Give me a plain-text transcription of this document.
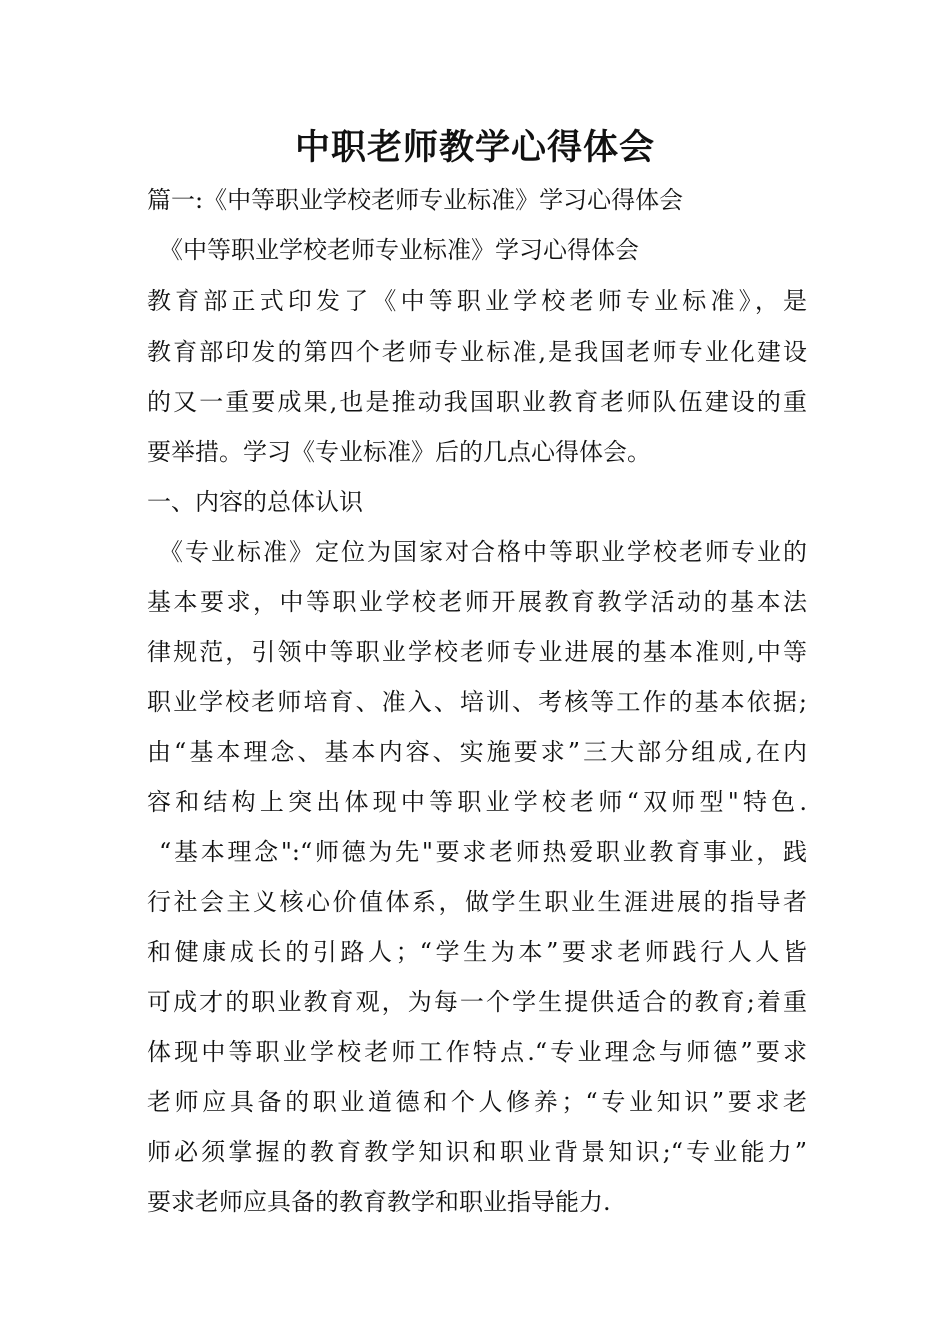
中职老师教学心得体会

篇一:《中等职业学校老师专业标准》学习心得体会

《中等职业学校老师专业标准》学习心得体会

教育部正式印发了《中等职业学校老师专业标准》，是

教育部印发的第四个老师专业标准,是我国老师专业化建设

的又一重要成果,也是推动我国职业教育老师队伍建设的重

要举措。学习《专业标准》后的几点心得体会。

一、内容的总体认识

《专业标准》定位为国家对合格中等职业学校老师专业的

基本要求，中等职业学校老师开展教育教学活动的基本法

律规范，引领中等职业学校老师专业进展的基本准则,中等

职业学校老师培育、准入、培训、考核等工作的基本依据;

由“基本理念、基本内容、实施要求”三大部分组成,在内

容和结构上突出体现中等职业学校老师“双师型"特色.

“基本理念":“师德为先"要求老师热爱职业教育事业，践

行社会主义核心价值体系，做学生职业生涯进展的指导者

和健康成长的引路人；“学生为本”要求老师践行人人皆

可成才的职业教育观，为每一个学生提供适合的教育;着重

体现中等职业学校老师工作特点.“专业理念与师德”要求

老师应具备的职业道德和个人修养；“专业知识”要求老

师必须掌握的教育教学知识和职业背景知识;“专业能力”

要求老师应具备的教育教学和职业指导能力.
